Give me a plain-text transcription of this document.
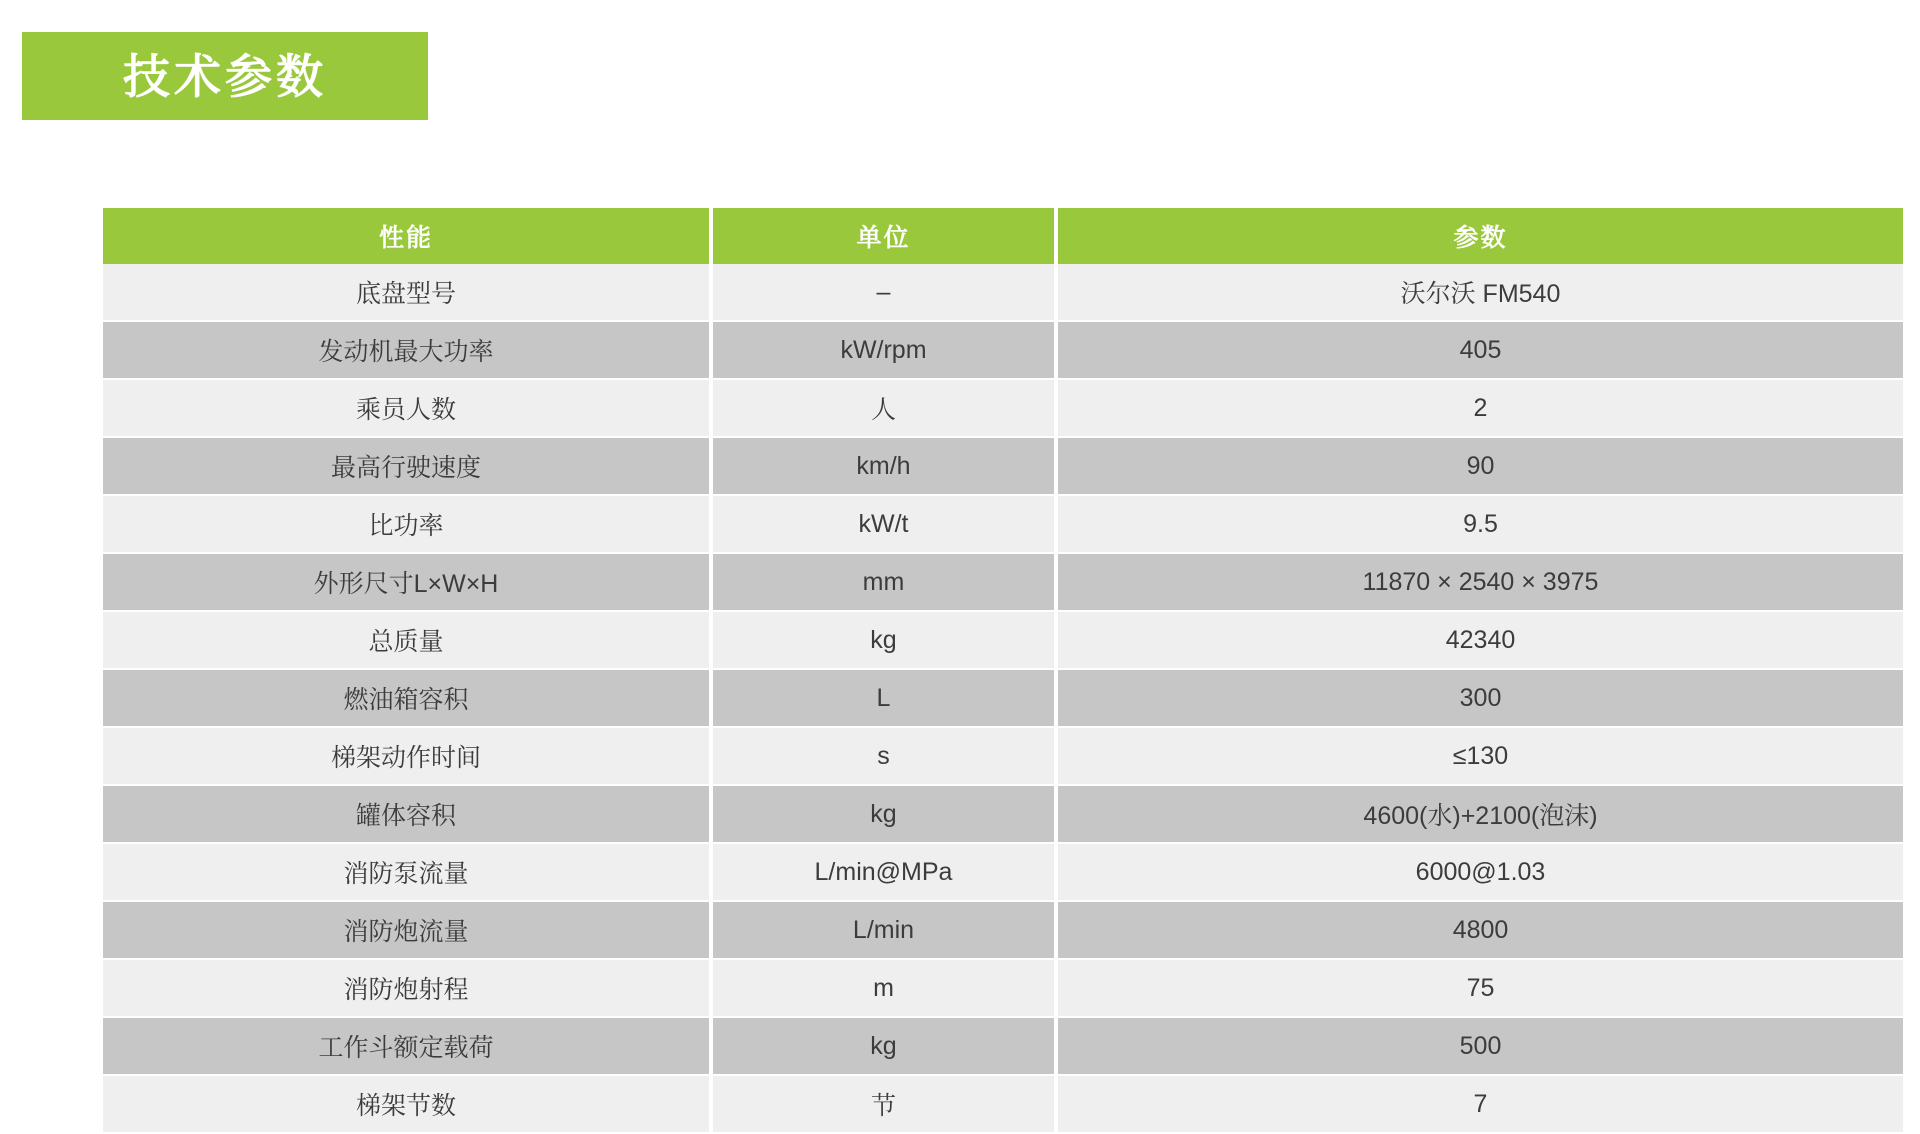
技术参数
性能	单位	参数
底盘型号	–	沃尔沃 FM540
发动机最大功率	kW/rpm	405
乘员人数	人	2
最高行驶速度	km/h	90
比功率	kW/t	9.5
外形尺寸L×W×H	mm	11870 × 2540 × 3975
总质量	kg	42340
燃油箱容积	L	300
梯架动作时间	s	≤130
罐体容积	kg	4600(水)+2100(泡沫)
消防泵流量	L/min@MPa	6000@1.03
消防炮流量	L/min	4800
消防炮射程	m	75
工作斗额定载荷	kg	500
梯架节数	节	7
